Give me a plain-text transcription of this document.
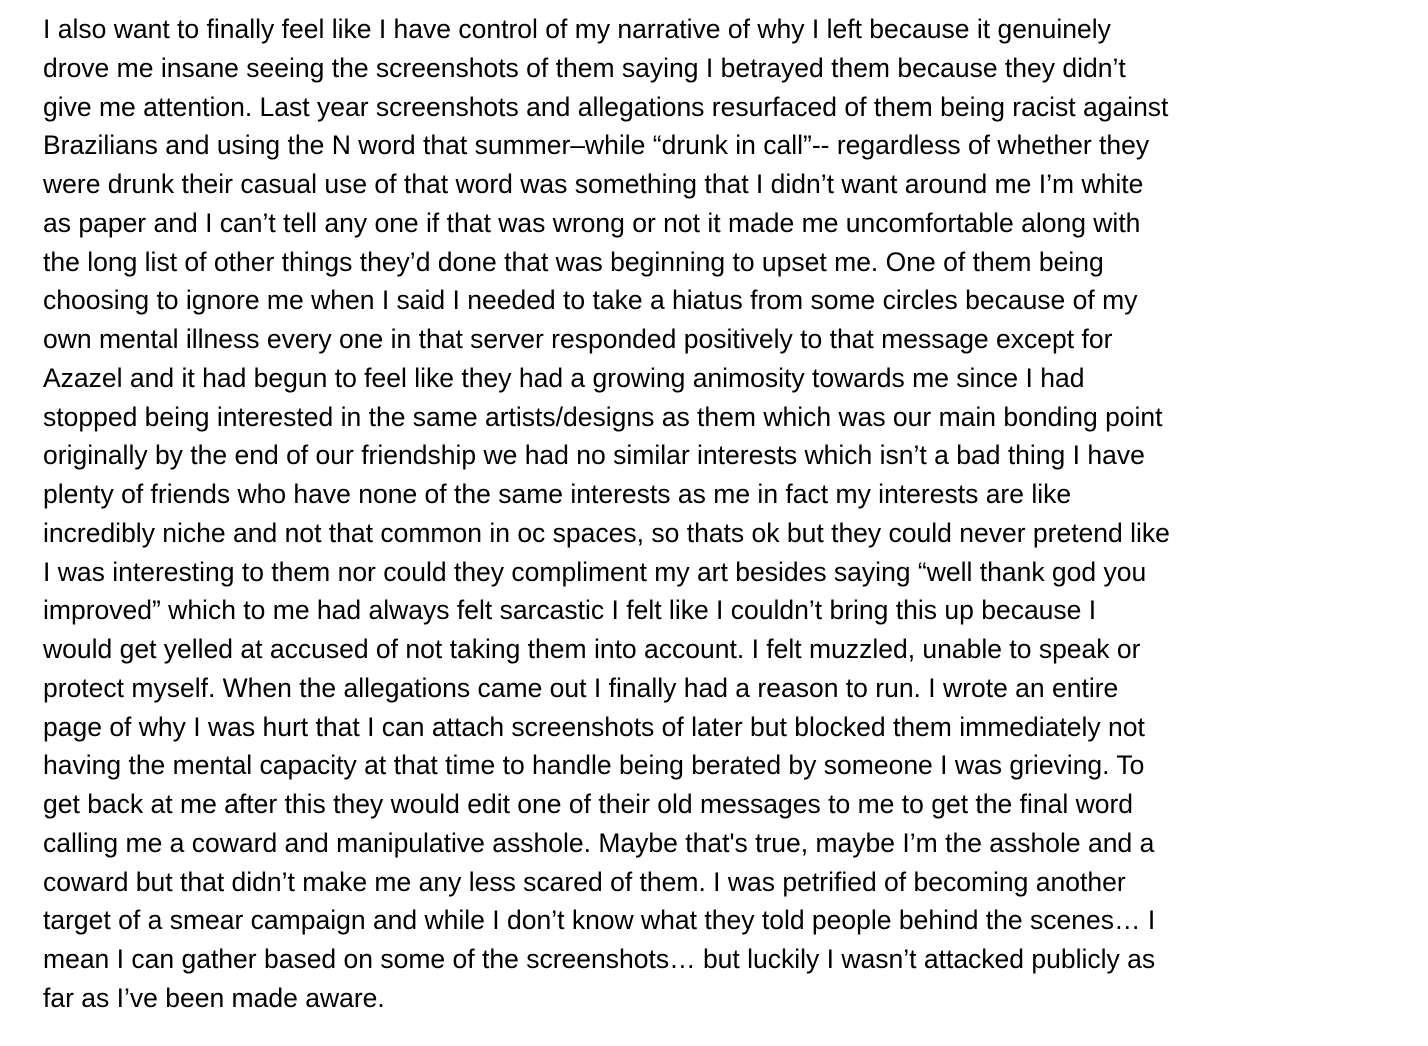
I also want to finally feel like I have control of my narrative of why I left because it genuinely
drove me insane seeing the screenshots of them saying I betrayed them because they didn’t
give me attention. Last year screenshots and allegations resurfaced of them being racist against
Brazilians and using the N word that summer–while “drunk in call”-- regardless of whether they
were drunk their casual use of that word was something that I didn’t want around me I’m white
as paper and I can’t tell any one if that was wrong or not it made me uncomfortable along with
the long list of other things they’d done that was beginning to upset me. One of them being
choosing to ignore me when I said I needed to take a hiatus from some circles because of my
own mental illness every one in that server responded positively to that message except for
Azazel and it had begun to feel like they had a growing animosity towards me since I had
stopped being interested in the same artists/designs as them which was our main bonding point
originally by the end of our friendship we had no similar interests which isn’t a bad thing I have
plenty of friends who have none of the same interests as me in fact my interests are like
incredibly niche and not that common in oc spaces, so thats ok but they could never pretend like
I was interesting to them nor could they compliment my art besides saying “well thank god you
improved” which to me had always felt sarcastic I felt like I couldn’t bring this up because I
would get yelled at accused of not taking them into account. I felt muzzled, unable to speak or
protect myself. When the allegations came out I finally had a reason to run. I wrote an entire
page of why I was hurt that I can attach screenshots of later but blocked them immediately not
having the mental capacity at that time to handle being berated by someone I was grieving. To
get back at me after this they would edit one of their old messages to me to get the final word
calling me a coward and manipulative asshole. Maybe that's true, maybe I’m the asshole and a
coward but that didn’t make me any less scared of them. I was petrified of becoming another
target of a smear campaign and while I don’t know what they told people behind the scenes… I
mean I can gather based on some of the screenshots… but luckily I wasn’t attacked publicly as
far as I’ve been made aware.
